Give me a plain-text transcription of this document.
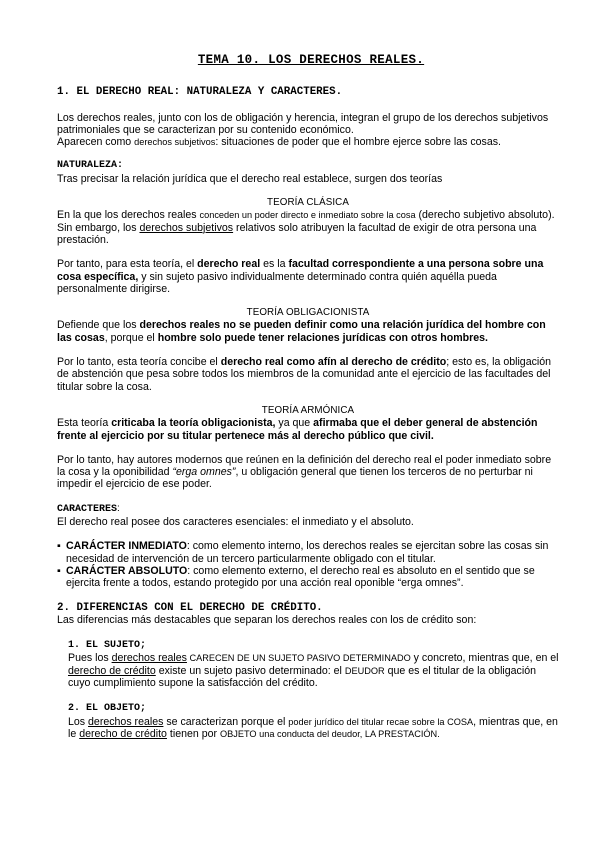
TEMA 10. LOS DERECHOS REALES.
1. EL DERECHO REAL: NATURALEZA Y CARACTERES.

Los derechos reales, junto con los de obligación y herencia, integran el grupo de los derechos subjetivos patrimoniales que se caracterizan por su contenido económico.

Aparecen como derechos subjetivos: situaciones de poder que el hombre ejerce sobre las cosas.

NATURALEZA:

Tras precisar la relación jurídica que el derecho real establece, surgen dos teorías

TEORÍA CLÁSICA

En la que los derechos reales conceden un poder directo e inmediato sobre la cosa (derecho subjetivo absoluto). Sin embargo, los derechos subjetivos relativos solo atribuyen la facultad de exigir de otra persona una prestación.

Por tanto, para esta teoría, el derecho real es la facultad correspondiente a una persona sobre una cosa específica, y sin sujeto pasivo individualmente determinado contra quién aquélla pueda personalmente dirigirse.

TEORÍA OBLIGACIONISTA

Defiende que los derechos reales no se pueden definir como una relación jurídica del hombre con las cosas, porque el hombre solo puede tener relaciones jurídicas con otros hombres.

Por lo tanto, esta teoría concibe el derecho real como afín al derecho de crédito; esto es, la obligación de abstención que pesa sobre todos los miembros de la comunidad ante el ejercicio de las facultades del titular sobre la cosa.

TEORÍA ARMÓNICA

Esta teoría criticaba la teoría obligacionista, ya que afirmaba que el deber general de abstención frente al ejercicio por su titular pertenece más al derecho público que civil.

Por lo tanto, hay autores modernos que reúnen en la definición del derecho real el poder inmediato sobre la cosa y la oponibilidad “erga omnes”, u obligación general que tienen los terceros de no perturbar ni impedir el ejercicio de ese poder.

CARACTERES:

El derecho real posee dos caracteres esenciales: el inmediato y el absoluto.

▪ CARÁCTER INMEDIATO: como elemento interno, los derechos reales se ejercitan sobre las cosas sin necesidad de intervención de un tercero particularmente obligado con el titular.
▪ CARÁCTER ABSOLUTO: como elemento externo, el derecho real es absoluto en el sentido que se ejercita frente a todos, estando protegido por una acción real oponible “erga omnes”.
2. DIFERENCIAS CON EL DERECHO DE CRÉDITO.

Las diferencias más destacables que separan los derechos reales con los de crédito son:

1. EL SUJETO;

Pues los derechos reales CARECEN DE UN SUJETO PASIVO DETERMINADO y concreto, mientras que, en el derecho de crédito existe un sujeto pasivo determinado: el DEUDOR que es el titular de la obligación cuyo cumplimiento supone la satisfacción del crédito.

2. EL OBJETO;

Los derechos reales se caracterizan porque el poder jurídico del titular recae sobre la COSA, mientras que, en le derecho de crédito tienen por OBJETO una conducta del deudor, LA PRESTACIÓN.
